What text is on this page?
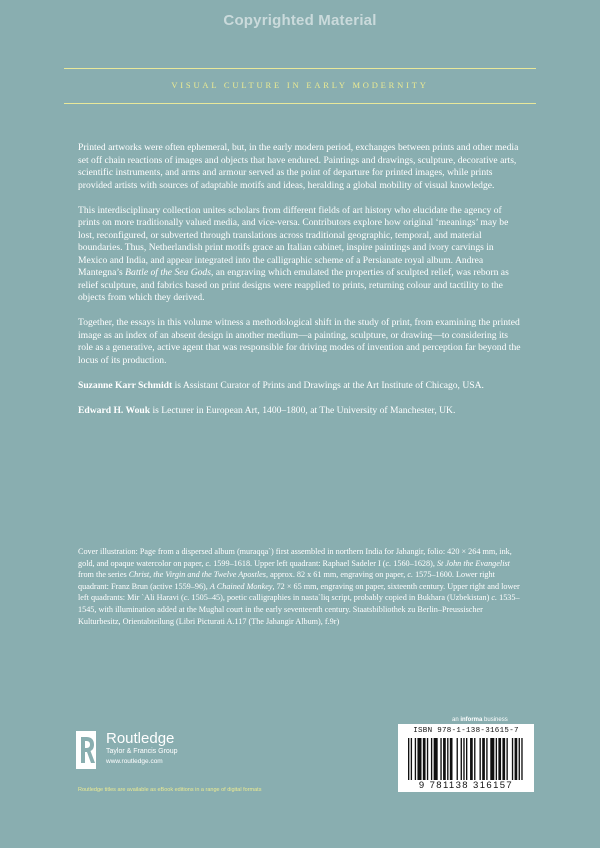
Copyrighted Material
VISUAL CULTURE IN EARLY MODERNITY

Printed artworks were often ephemeral, but, in the early modern period, exchanges between prints and other media set off chain reactions of images and objects that have endured. Paintings and drawings, sculpture, decorative arts, scientific instruments, and arms and armour served as the point of departure for printed images, while prints provided artists with sources of adaptable motifs and ideas, heralding a global mobility of visual knowledge.

This interdisciplinary collection unites scholars from different fields of art history who elucidate the agency of prints on more traditionally valued media, and vice-versa. Contributors explore how original ‘meanings’ may be lost, reconfigured, or subverted through translations across traditional geographic, temporal, and material boundaries. Thus, Netherlandish print motifs grace an Italian cabinet, inspire paintings and ivory carvings in Mexico and India, and appear integrated into the calligraphic scheme of a Persianate royal album. Andrea Mantegna’s Battle of the Sea Gods, an engraving which emulated the properties of sculpted relief, was reborn as relief sculpture, and fabrics based on print designs were reapplied to prints, returning colour and tactility to the objects from which they derived.

Together, the essays in this volume witness a methodological shift in the study of print, from examining the printed image as an index of an absent design in another medium—a painting, sculpture, or drawing—to considering its role as a generative, active agent that was responsible for driving modes of invention and perception far beyond the locus of its production.

Suzanne Karr Schmidt is Assistant Curator of Prints and Drawings at the Art Institute of Chicago, USA.
Edward H. Wouk is Lecturer in European Art, 1400–1800, at The University of Manchester, UK.
Cover illustration: Page from a dispersed album (muraqqa`) first assembled in northern India for Jahangir, folio: 420 × 264 mm, ink, gold, and opaque watercolor on paper, c. 1599–1618. Upper left quadrant: Raphael Sadeler I (c. 1560–1628), St John the Evangelist from the series Christ, the Virgin and the Twelve Apostles, approx. 82 x 61 mm, engraving on paper, c. 1575–1600. Lower right quadrant: Franz Brun (active 1559–96), A Chained Monkey, 72 × 65 mm, engraving on paper, sixteenth century. Upper right and lower left quadrants: Mir `Ali Haravi (c. 1505–45), poetic calligraphies in nasta`liq script, probably copied in Bukhara (Uzbekistan) c. 1535–1545, with illumination added at the Mughal court in the early seventeenth century. Staatsbibliothek zu Berlin–Preussischer Kulturbesitz, Orientabteilung (Libri Picturati A.117 (The Jahangir Album), f.9r)
an informa business
Routledge
Taylor & Francis Group
www.routledge.com
Routledge titles are available as eBook editions in a range of digital formats
ISBN 978-1-138-31615-7
9 781138 316157
